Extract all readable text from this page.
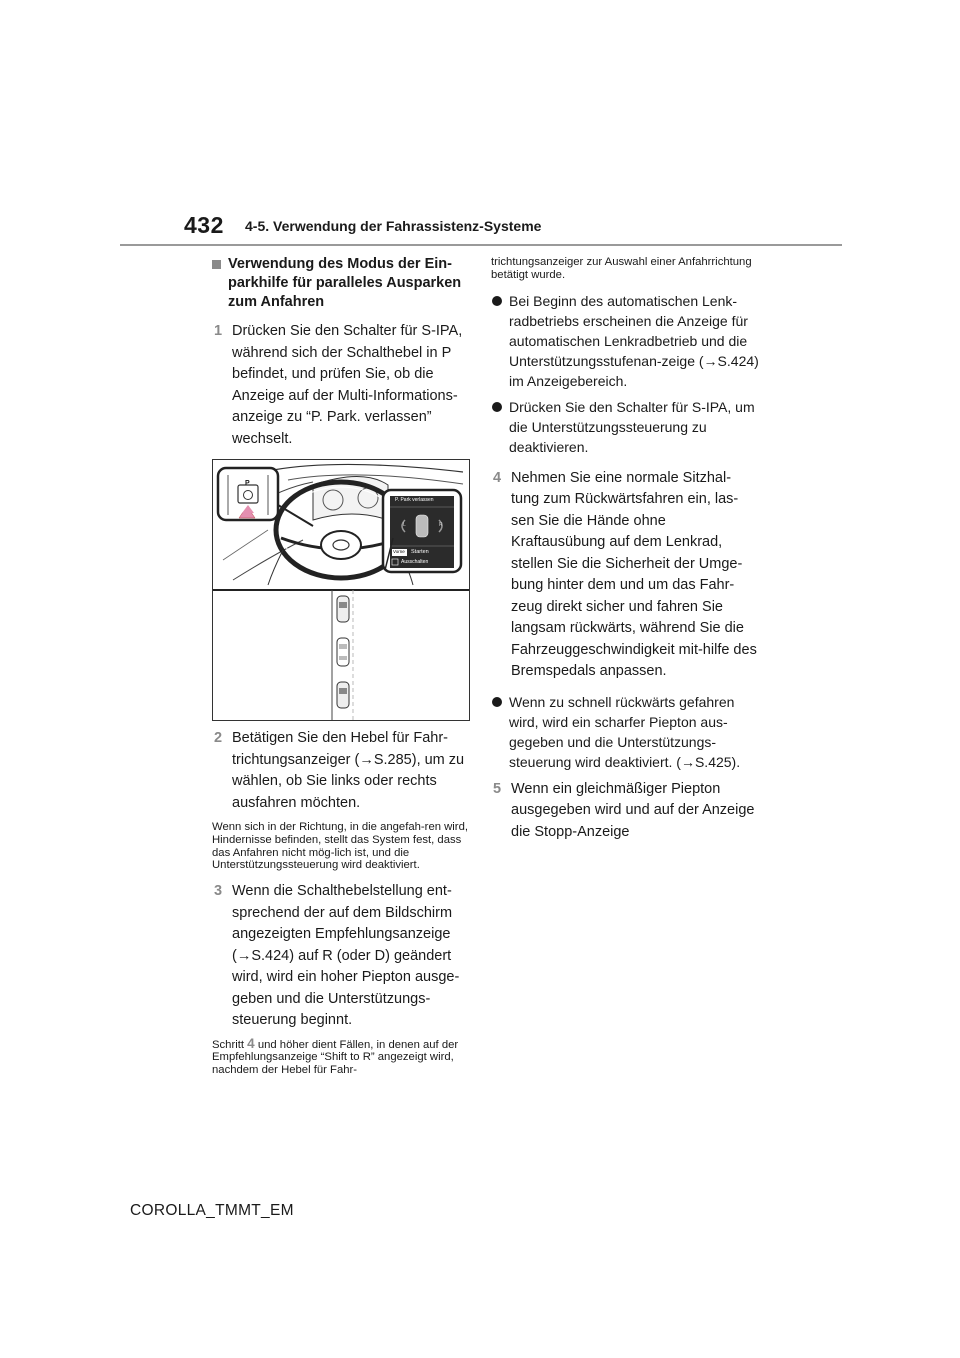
432 4-5. Verwendung der Fahrassistenz-Systeme

Verwendung des Modus der Ein-parkhilfe für paralleles Ausparken zum Anfahren

1 Drücken Sie den Schalter für S-IPA, während sich der Schalthebel in P befindet, und prüfen Sie, ob die Anzeige auf der Multi-Informations-anzeige zu “P. Park. verlassen” wechselt.
P
P. Park verlassen
L	R
Vorne Starten
Ausschalten
2 Betätigen Sie den Hebel für Fahr-trichtungsanzeiger (→S.285), um zu wählen, ob Sie links oder rechts ausfahren möchten.
Wenn sich in der Richtung, in die angefah-ren wird, Hindernisse befinden, stellt das System fest, dass das Anfahren nicht mög-lich ist, und die Unterstützungssteuerung wird deaktiviert.
3 Wenn die Schalthebelstellung ent-sprechend der auf dem Bildschirm angezeigten Empfehlungsanzeige (→S.424) auf R (oder D) geändert wird, wird ein hoher Piepton ausge-geben und die Unterstützungs-steuerung beginnt.
Schritt 4 und höher dient Fällen, in denen auf der Empfehlungsanzeige “Shift to R” angezeigt wird, nachdem der Hebel für Fahr-
trichtungsanzeiger zur Auswahl einer Anfahrrichtung betätigt wurde.
Bei Beginn des automatischen Lenk-radbetriebs erscheinen die Anzeige für automatischen Lenkradbetrieb und die Unterstützungsstufenan-zeige (→S.424) im Anzeigebereich.
Drücken Sie den Schalter für S-IPA, um die Unterstützungssteuerung zu deaktivieren.
4 Nehmen Sie eine normale Sitzhal-tung zum Rückwärtsfahren ein, las-sen Sie die Hände ohne Kraftausübung auf dem Lenkrad, stellen Sie die Sicherheit der Umge-bung hinter dem und um das Fahr-zeug direkt sicher und fahren Sie langsam rückwärts, während Sie die Fahrzeuggeschwindigkeit mit-hilfe des Bremspedals anpassen.
Wenn zu schnell rückwärts gefahren wird, wird ein scharfer Piepton aus-gegeben und die Unterstützungs-steuerung wird deaktiviert. (→S.425).
5 Wenn ein gleichmäßiger Piepton ausgegeben wird und auf der Anzeige die Stopp-Anzeige
COROLLA_TMMT_EM
